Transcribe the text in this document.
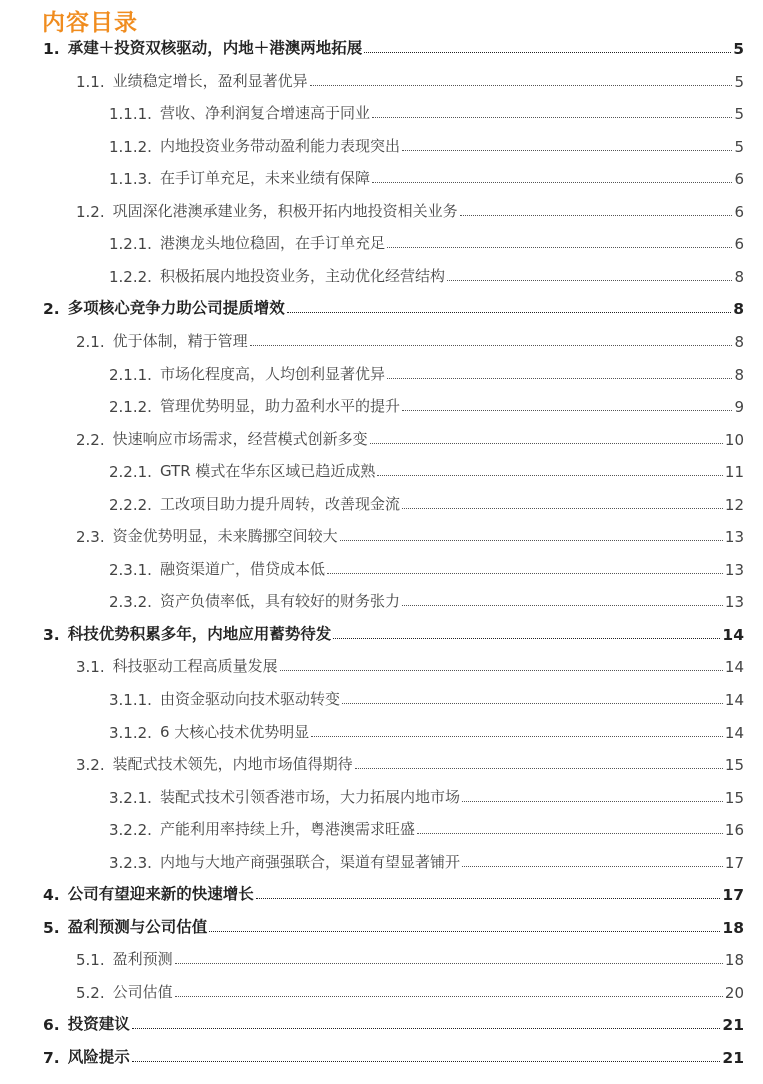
内容目录
1. 承建＋投资双核驱动，内地＋港澳两地拓展	5
1.1. 业绩稳定增长，盈利显著优异	5
1.1.1. 营收、净利润复合增速高于同业	5
1.1.2. 内地投资业务带动盈利能力表现突出	5
1.1.3. 在手订单充足，未来业绩有保障	6
1.2. 巩固深化港澳承建业务，积极开拓内地投资相关业务	6
1.2.1. 港澳龙头地位稳固，在手订单充足	6
1.2.2. 积极拓展内地投资业务，主动优化经营结构	8
2. 多项核心竞争力助公司提质增效	8
2.1. 优于体制，精于管理	8
2.1.1. 市场化程度高，人均创利显著优异	8
2.1.2. 管理优势明显，助力盈利水平的提升	9
2.2. 快速响应市场需求，经营模式创新多变	10
2.2.1. GTR 模式在华东区域已趋近成熟	11
2.2.2. 工改项目助力提升周转，改善现金流	12
2.3. 资金优势明显，未来腾挪空间较大	13
2.3.1. 融资渠道广，借贷成本低	13
2.3.2. 资产负债率低，具有较好的财务张力	13
3. 科技优势积累多年，内地应用蓄势待发	14
3.1. 科技驱动工程高质量发展	14
3.1.1. 由资金驱动向技术驱动转变	14
3.1.2. 6 大核心技术优势明显	14
3.2. 装配式技术领先，内地市场值得期待	15
3.2.1. 装配式技术引领香港市场，大力拓展内地市场	15
3.2.2. 产能利用率持续上升，粤港澳需求旺盛	16
3.2.3. 内地与大地产商强强联合，渠道有望显著铺开	17
4. 公司有望迎来新的快速增长	17
5. 盈利预测与公司估值	18
5.1. 盈利预测	18
5.2. 公司估值	20
6. 投资建议	21
7. 风险提示	21
